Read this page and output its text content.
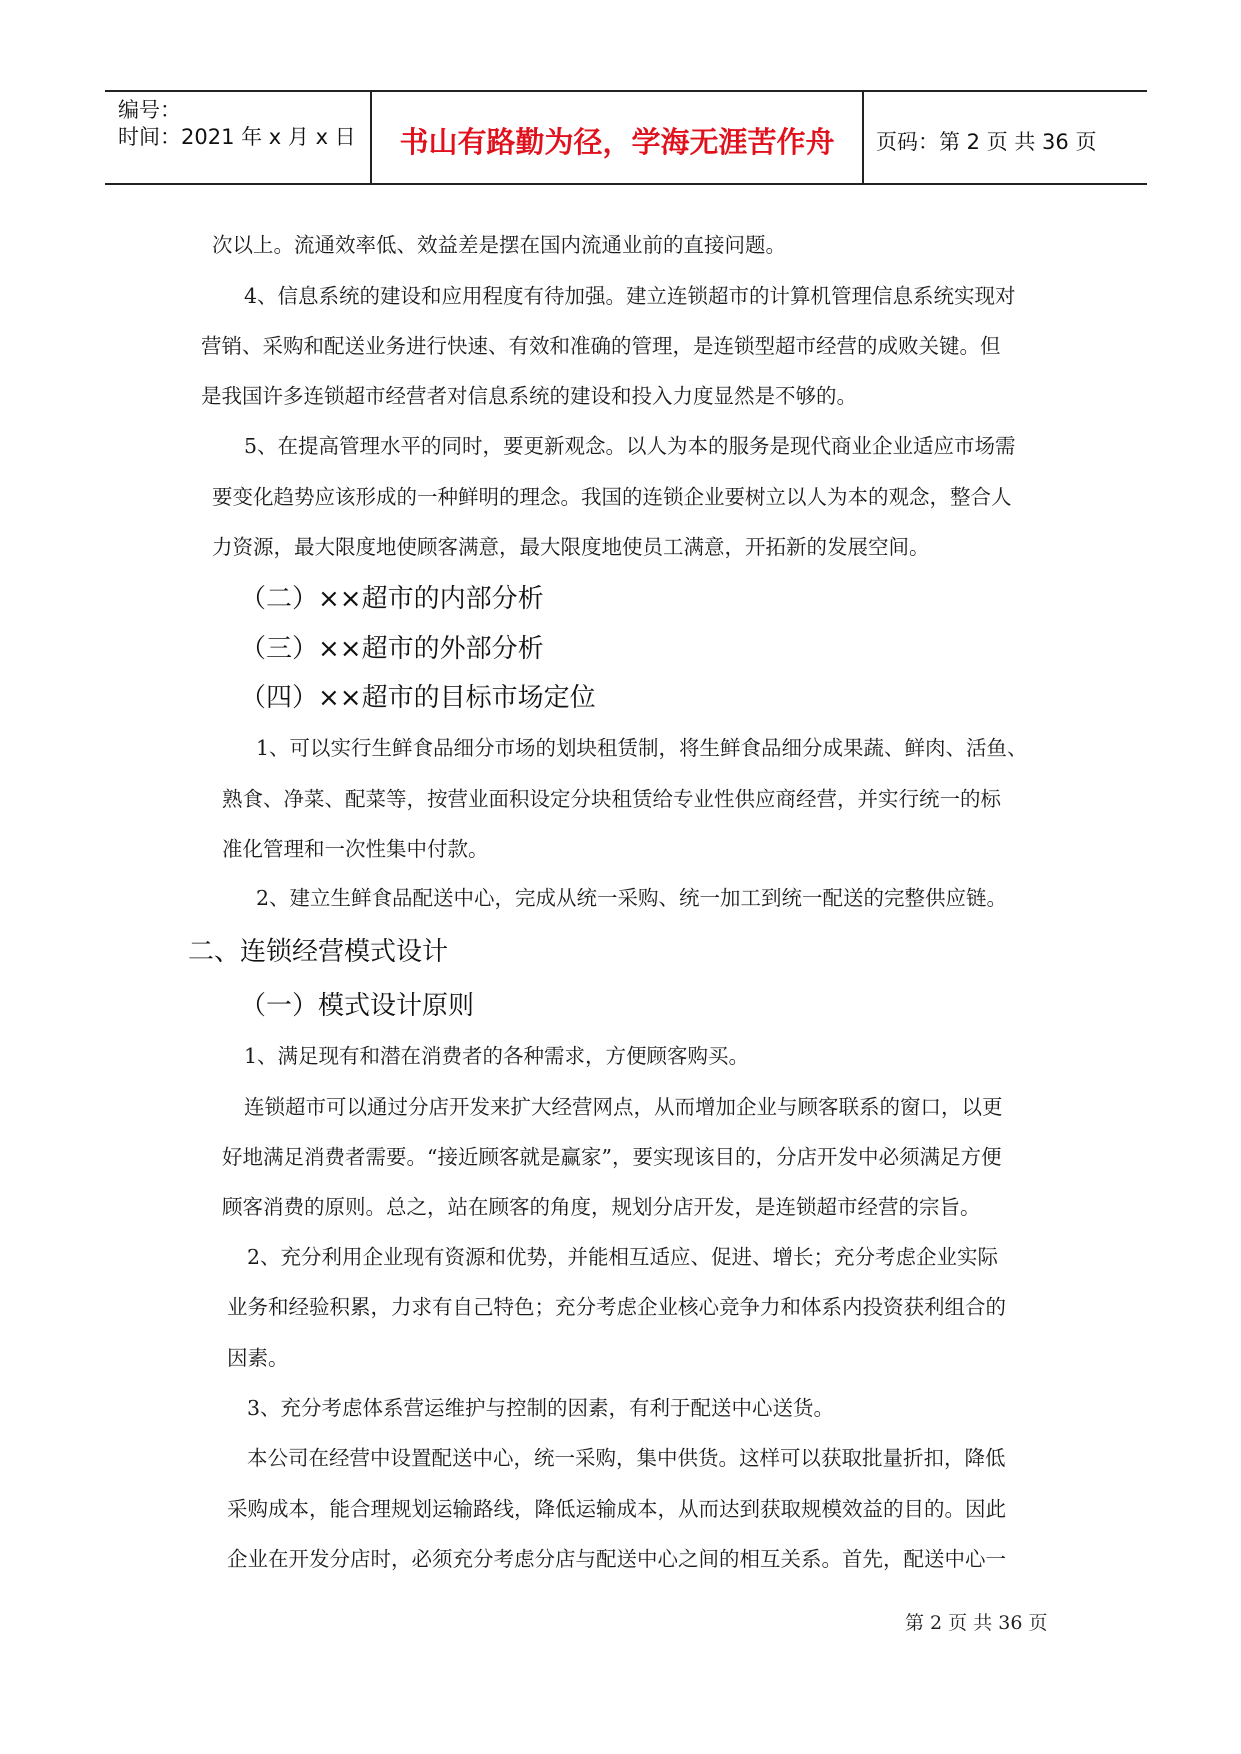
编号：
时间：2021 年 x 月 x 日	书山有路勤为径，学海无涯苦作舟	页码：第 2 页 共 36 页
次以上。流通效率低、效益差是摆在国内流通业前的直接问题。
4、信息系统的建设和应用程度有待加强。建立连锁超市的计算机管理信息系统实现对
营销、采购和配送业务进行快速、有效和准确的管理，是连锁型超市经营的成败关键。但
是我国许多连锁超市经营者对信息系统的建设和投入力度显然是不够的。
5、在提高管理水平的同时，要更新观念。以人为本的服务是现代商业企业适应市场需
要变化趋势应该形成的一种鲜明的理念。我国的连锁企业要树立以人为本的观念，整合人
力资源，最大限度地使顾客满意，最大限度地使员工满意，开拓新的发展空间。
（二）××超市的内部分析
（三）××超市的外部分析
（四）××超市的目标市场定位
1、可以实行生鲜食品细分市场的划块租赁制，将生鲜食品细分成果蔬、鲜肉、活鱼、
熟食、净菜、配菜等，按营业面积设定分块租赁给专业性供应商经营，并实行统一的标
准化管理和一次性集中付款。
2、建立生鲜食品配送中心，完成从统一采购、统一加工到统一配送的完整供应链。
二、连锁经营模式设计
（一）模式设计原则
1、满足现有和潜在消费者的各种需求，方便顾客购买。
连锁超市可以通过分店开发来扩大经营网点，从而增加企业与顾客联系的窗口，以更
好地满足消费者需要。“接近顾客就是赢家”，要实现该目的，分店开发中必须满足方便
顾客消费的原则。总之，站在顾客的角度，规划分店开发，是连锁超市经营的宗旨。
2、充分利用企业现有资源和优势，并能相互适应、促进、增长；充分考虑企业实际
业务和经验积累，力求有自己特色；充分考虑企业核心竞争力和体系内投资获利组合的
因素。
3、充分考虑体系营运维护与控制的因素，有利于配送中心送货。
本公司在经营中设置配送中心，统一采购，集中供货。这样可以获取批量折扣，降低
采购成本，能合理规划运输路线，降低运输成本，从而达到获取规模效益的目的。因此
企业在开发分店时，必须充分考虑分店与配送中心之间的相互关系。首先，配送中心一
第 2 页 共 36 页
